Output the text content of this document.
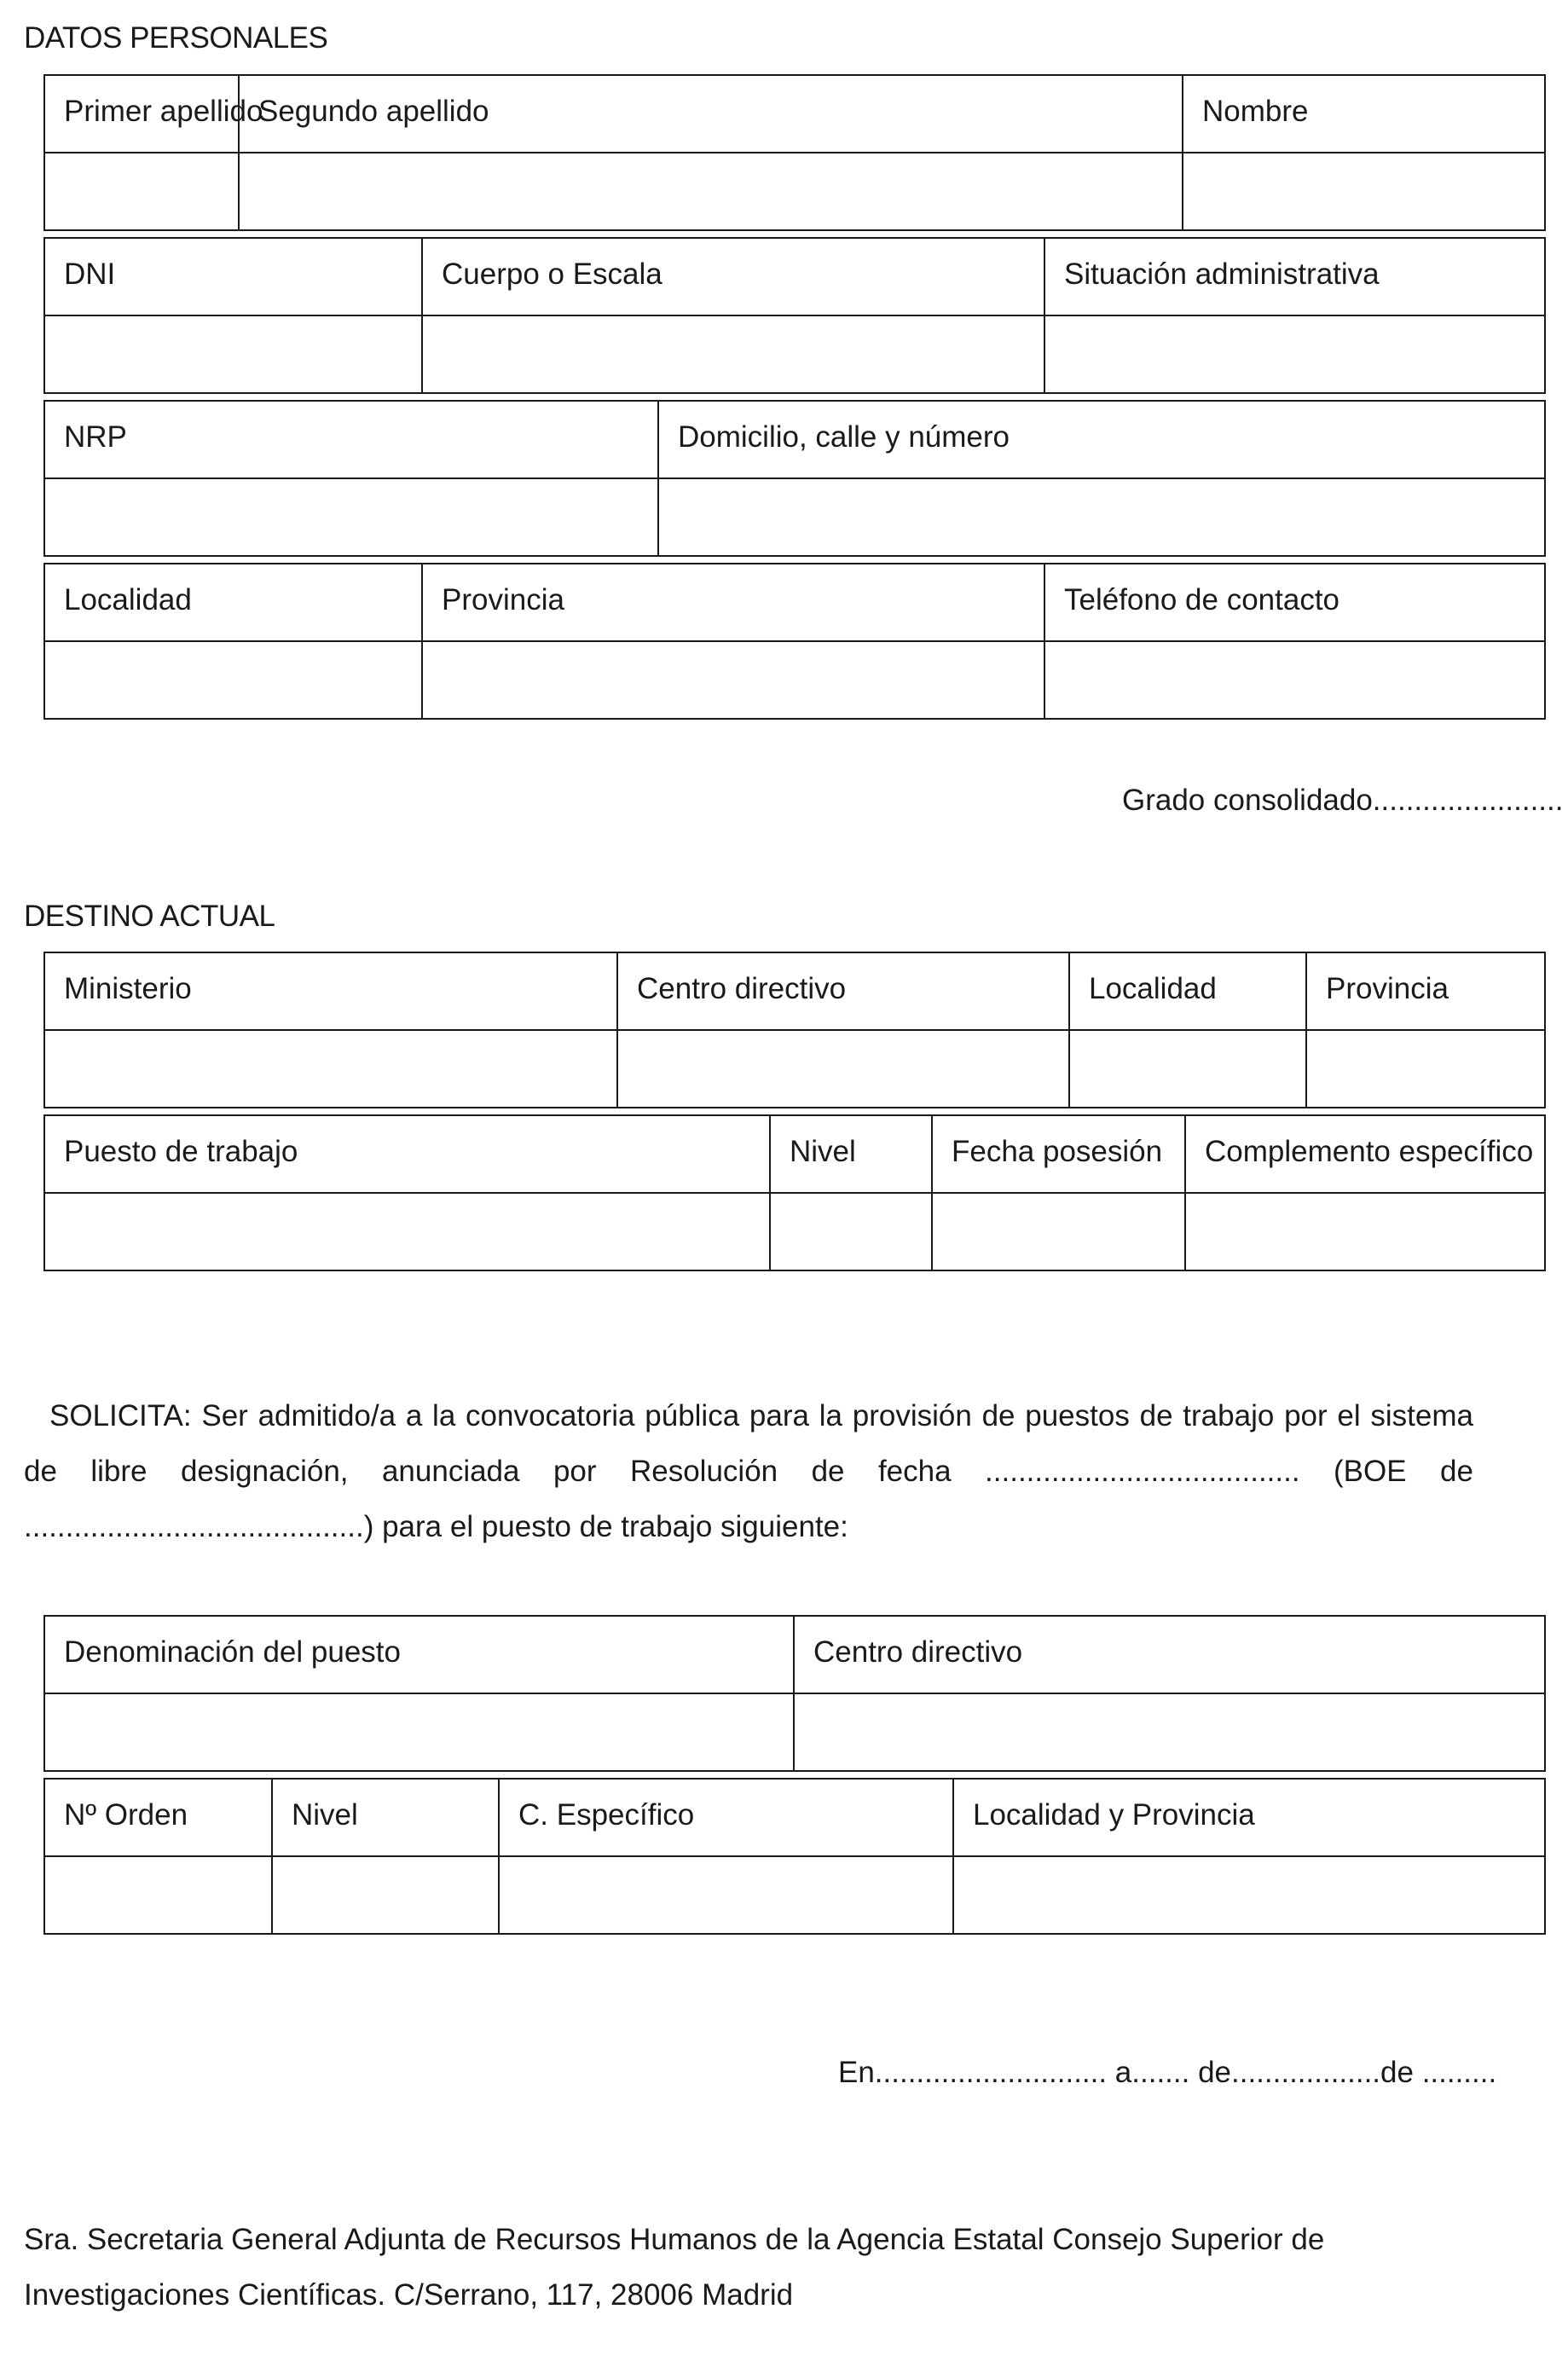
DATOS PERSONALES
Primer apellido	Segundo apellido	Nombre

DNI	Cuerpo o Escala	Situación administrativa

NRP	Domicilio, calle y número

Localidad	Provincia	Teléfono de contacto

Grado consolidado.......................
DESTINO ACTUAL
Ministerio	Centro directivo	Localidad	Provincia

Puesto de trabajo	Nivel	Fecha posesión	Complemento específico

SOLICITA: Ser admitido/a a la convocatoria pública para la provisión de puestos de trabajo por el sistema de libre designación, anunciada por Resolución de fecha ...................................... (BOE de .........................................) para el puesto de trabajo siguiente:

Denominación del puesto	Centro directivo

Nº Orden	Nivel	C. Específico	Localidad y Provincia

En............................ a....... de..................de .........

Sra. Secretaria General Adjunta de Recursos Humanos de la Agencia Estatal Consejo Superior de Investigaciones Científicas. C/Serrano, 117, 28006 Madrid
